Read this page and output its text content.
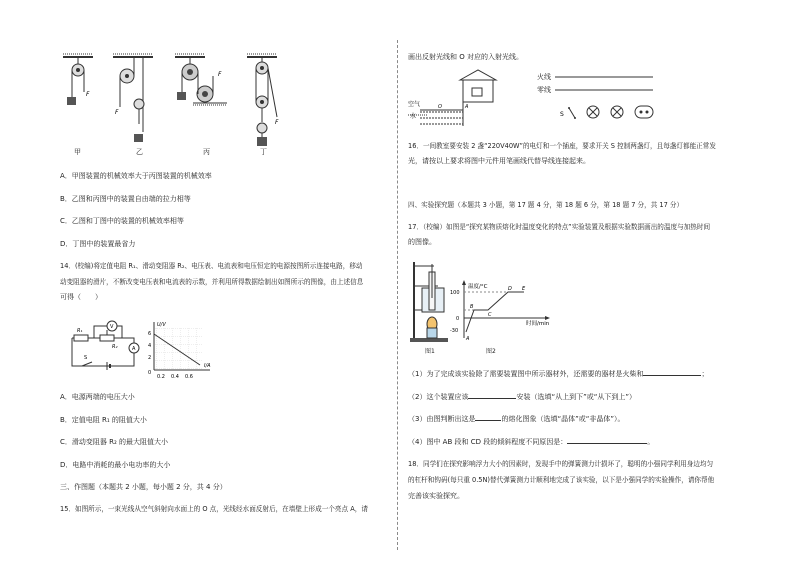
F
F
F
F
甲	乙	丙	丁
A．甲图装置的机械效率大于丙图装置的机械效率
B．乙图和丙图中的装置自由端的拉力相等
C．乙图和丁图中的装置的机械效率相等
D．丁图中的装置最省力
14．(校编)将定值电阻 R₁、滑动变阻器 R₂、电压表、电流表和电压恒定的电源按图所示连接电路，移动
动变阻器的滑片，不断改变电压表和电流表的示数，并利用所得数据绘制出如图所示的图像，由上述信息
可得（　　）
V
A
R₁
R₂
S
U/V
I/A
6
4
2
0
0.2 0.4 0.6
A．电源两端的电压大小
B．定值电阻 R₁ 的阻值大小
C．滑动变阻器 R₂ 的最大阻值大小
D．电路中消耗的最小电功率的大小
三、作图题（本题共 2 小题，每小题 2 分，共 4 分）
15．如图所示，一束光线从空气斜射向水面上的 O 点，光线经水面反射后，在墙壁上形成一个亮点 A，请
画出反射光线和 O 对应的入射光线。
空气
水
O	A
火线
零线
S
16．一间教室要安装 2 盏“220V40W”的电灯和一个插座，要求开关 S 控制两盏灯，且每盏灯都能正常发
光，请按以上要求将图中元件用笔画线代替导线连接起来。
四、实验探究题（本题共 3 小题，第 17 题 4 分，第 18 题 6 分，第 18 题 7 分，共 17 分）
17．（校编）如图是“探究某物质熔化时温度变化的特点”实验装置及根据实验数据画出的温度与加热时间
的图像。
图1
温度/°C
时间/min
100
0
-30
A
B
C
D E
图2
（1）为了完成该实验除了需要装置图中所示器材外，还需要的器材是火柴和	；
（2）这个装置应该	安装（选填“从上到下”或“从下到上”）
（3）由图判断出这是	的熔化图象（选填“晶体”或“非晶体”）。
（4）图中 AB 段和 CD 段的倾斜程度不同原因是：	。
18．同学们在探究影响浮力大小的因素时，发现手中的弹簧测力计损坏了，聪明的小强同学利用身边均匀
的杠杆和钩码(每只重 0.5N)替代弹簧测力计顺利地完成了该实验，以下是小强同学的实验操作，请你帮他
完善该实验探究。
